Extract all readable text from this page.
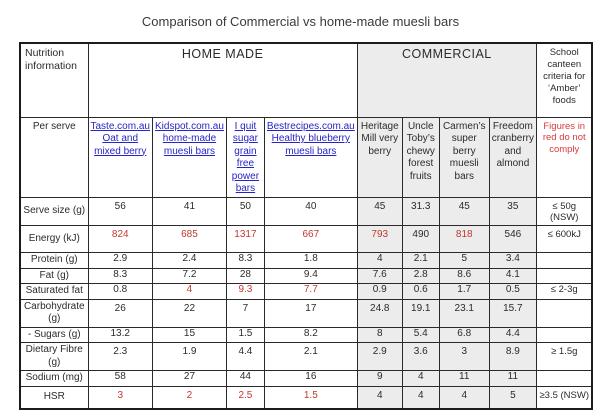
Comparison of Commercial vs home-made muesli bars
Nutrition information	HOME MADE				COMMERCIAL				School canteen criteria for ‘Amber’ foods
Per serve	Taste.com.au Oat and mixed berry	Kidspot.com.au home-made muesli bars	I quit sugar grain free power bars	Bestrecipes.com.au Healthy blueberry muesli bars	Heritage Mill very berry	Uncle Toby’s chewy forest fruits	Carmen’s super berry muesli bars	Freedom cranberry and almond	Figures in red do not comply
Serve size (g)	56	41	50	40	45	31.3	45	35	≤ 50g (NSW)
Energy (kJ)	824	685	1317	667	793	490	818	546	≤ 600kJ
Protein (g)	2.9	2.4	8.3	1.8	4	2.1	5	3.4	
Fat (g)	8.3	7.2	28	9.4	7.6	2.8	8.6	4.1	
Saturated fat	0.8	4	9.3	7.7	0.9	0.6	1.7	0.5	≤ 2-3g
Carbohydrate (g)	26	22	7	17	24.8	19.1	23.1	15.7	
- Sugars (g)	13.2	15	1.5	8.2	8	5.4	6.8	4.4	
Dietary Fibre (g)	2.3	1.9	4.4	2.1	2.9	3.6	3	8.9	≥ 1.5g
Sodium (mg)	58	27	44	16	9	4	11	11	
HSR	3	2	2.5	1.5	4	4	4	5	≥3.5 (NSW)
